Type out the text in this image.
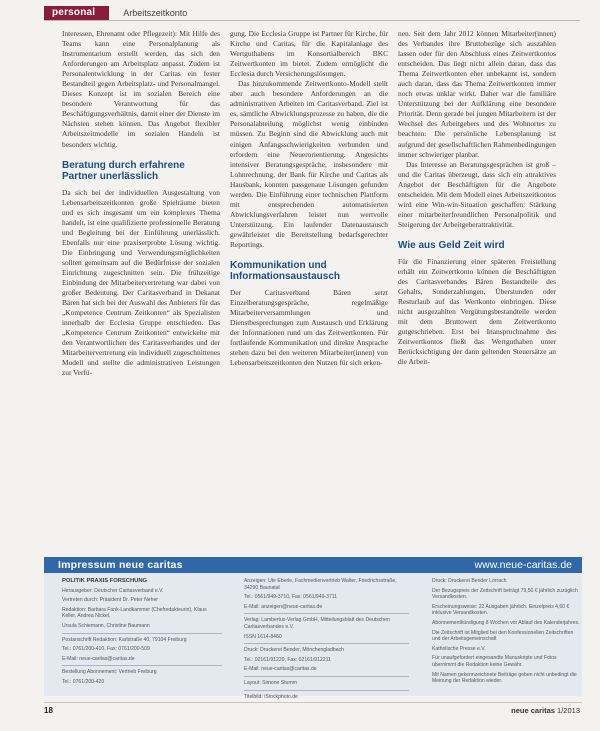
personal	Arbeitszeitkonto

Interessen, Ehrenamt oder Pflegezeit): Mit Hilfe des Teams kann eine Personalplanung als Instrumentarium erstellt werden, das sich den Anforderungen am Arbeitsplatz anpasst. Zudem ist Personalentwicklung in der Caritas ein fester Bestandteil gegen Arbeitsplatz- und Personalmangel. Dieses Konzept ist im sozialen Bereich eine besondere Verantwortung für das Beschäftigungsverhältnis, damit einer der Dienste im Nächsten stehen können. Das Angebot flexibler Arbeitszeitmodelle im sozialen Handeln ist besonders wichtig.

Beratung durch erfahrene Partner unerlässlich

Da sich bei der individuellen Ausgestaltung von Lebensarbeitszeitkonten große Spielräume bieten und es sich insgesamt um ein komplexes Thema handelt, ist eine qualifizierte professionelle Beratung und Begleitung bei der Einführung unerlässlich. Ebenfalls nur eine praxiserprobte Lösung wichtig. Die Einbringung und Verwendungsmöglichkeiten sollten gemeinsam auf die Bedürfnisse der sozialen Einrichtung zugeschnitten sein. Die frühzeitige Einbindung der Mitarbeitervertretung war dabei von großer Bedeutung. Der Caritasverband in Dekanat Bären hat sich bei der Auswahl des Anbieters für das „Kompetence Centrum Zeitkonten“ als Spezialisten innerhalb der Ecclesia Gruppe entschieden. Das „Kompetence Centrum Zeitkonten“ entwickelte mit den Verantwortlichen des Caritasverbandes und der Mitarbeitervertretung ein individuell zugeschnittenes Modell und stellte die administrativen Leistungen zur Verfü-

gung. Die Ecclesia Gruppe ist Partner für Kirche, für Kirche und Caritas, für die Kapitalanlage des Wertguthabens im Konsortialbereich BKC Zeitwertkonten im bietet. Zudem ermöglicht die Ecclesia durch Versicherungslösungen.

Das hinzukommende Zeitwertkonto-Modell stellt aber auch besondere Anforderungen an die administrativen Arbeiten im Caritasverband. Ziel ist es, sämtliche Abwicklungsprozesse zu haben, die die Personalabteilung möglichst wenig einbinden müssen. Zu Beginn sind die Abwicklung auch mit einigen Anfangsschwierigkeiten verbunden und erfordern eine Neuerorientierung. Angesichts intensiver Beratungsgespräche, insbesondere mit Lohnrechnung, der Bank für Kirche und Caritas als Hausbank, konnten passgenaue Lösungen gefunden werden. Die Einführung einer technischen Plattform mit entsprechenden automatisierten Abwicklungsverfahren leistet nun wertvolle Unterstützung. Ein laufender Datenaustausch gewährleistet die Bereitstellung bedarfsgerechter Reportings.

Kommunikation und Informationsaustausch

Der Caritasverband Bären setzt Einzelberatungsgespräche, regelmäßige Mitarbeiterversammlungen und Dienstbesprechungen zum Austausch und Erklärung der Informationen rund um das Zeitwertkonten. Für fortlaufende Kommunikation und direkte Ansprache stehen dazu bei den weiteren Mitarbeiter(innen) von Lebensarbeitszeitkonten den Nutzen für sich erken-

nen. Seit dem Jahr 2012 können Mitarbeiter(innen) des Verbandes ihre Bruttobezüge sich auszahlen lassen oder für den Abschluss eines Zeitwertkontos entscheiden. Das liegt nicht allein daran, dass das Thema Zeitwertkonten eher unbekannt ist, sondern auch daran, dass das Thema Zeitwertkonten immer noch etwas unklar wirkt. Daher war die familiäre Unterstützung bei der Aufklärung eine besondere Priorität. Denn gerade bei jungen Mitarbeitern ist der Wechsel des Arbeitgebers und des Wohnortes zu beachten: Die persönliche Lebensplanung ist aufgrund der gesellschaftlichen Rahmenbedingungen immer schwieriger planbar.

Das Interesse an Beratungsgesprächen ist groß – und die Caritas überzeugt, dass sich ein attraktives Angebot der Beschäftigten für die Angebote entscheiden. Mit dem Modell eines Arbeitszeitkontos wird eine Win-win-Situation geschaffen: Stärkung einer mitarbeiterfreundlichen Personalpolitik und Steigerung der Arbeitgeberattraktivität.

Wie aus Geld Zeit wird

Für die Finanzierung einer späteren Freistellung erhält ein Zeitwertkonto können die Beschäftigten des Caritasverbandes Bären Bestandteile des Gehalts, Sonderzahlungen, Überstunden oder Resturlaub auf das Wertkonto einbringen. Diese nicht ausgezahlten Vergütungsbestandteile werden mit dem Bruttowert dem Zeitwertkonto gutgeschrieben. Erst bei Inanspruchnahme des Zeitwertkontos fließt das Wertguthaben unter Berücksichtigung der dann geltenden Steuersätze an die Arbeit-

Impressum neue caritas	www.neue-caritas.de

POLITIK PRAXIS FORSCHUNG

Herausgeber: Deutscher Caritasverband e.V.

Vertreten durch: Präsident Dr. Peter Neher

Redaktion: Barbara Fank-Landkammer (Chefredakteurin), Klaus Keller, Andrea Nickel,

Ursula Schiemann, Christine Baumann

Postanschrift Redaktion: Karlstraße 40, 79104 Freiburg

Tel.: 0761/200-410, Fax: 0761/200-509

E-Mail: neue-caritas@caritas.de

Bestellung Abonnement: Vertrieb Freiburg

Tel.: 0761/200-420

Anzeigen: Ute Eberle, Fachmedienvertrieb Walter, Friedrichsstraße, 34290 Baunatal

Tel.: 0561/949-3710, Fax: 0561/949-3711

E-Mail: anzeigen@neue-caritas.de

Verlag: Lambertus-Verlag GmbH, Mitteilungsblatt des Deutschen Caritasverbandes e.V.

ISSN 1614-8460

Druck: Druckerei Bender, Mönchengladbach

Tel.: 02161/91220, Fax: 02161/912211

E-Mail: neue-caritas@caritas.de

Layout: Simone Stumm

Titelbild: iStockphoto.de

Druck: Druckerei Bender Lörrach

Der Bezugspreis der Zeitschrift beträgt 79,50 € jährlich zuzüglich Versandkosten.

Erscheinungsweise: 22 Ausgaben jährlich. Einzelpreis 4,60 € inklusive Versandkosten.

Abonnementkündigung 8 Wochen vor Ablauf des Kalenderjahres.

Die Zeitschrift ist Mitglied bei den Konfessionellen Zeitschriften und der Arbeitsgemeinschaft

Katholische Presse e.V.

Für unaufgefordert eingesandte Manuskripte und Fotos übernimmt die Redaktion keine Gewähr.

Mit Namen gekennzeichnete Beiträge geben nicht unbedingt die Meinung der Redaktion wieder.

18	neue caritas 1/2013
